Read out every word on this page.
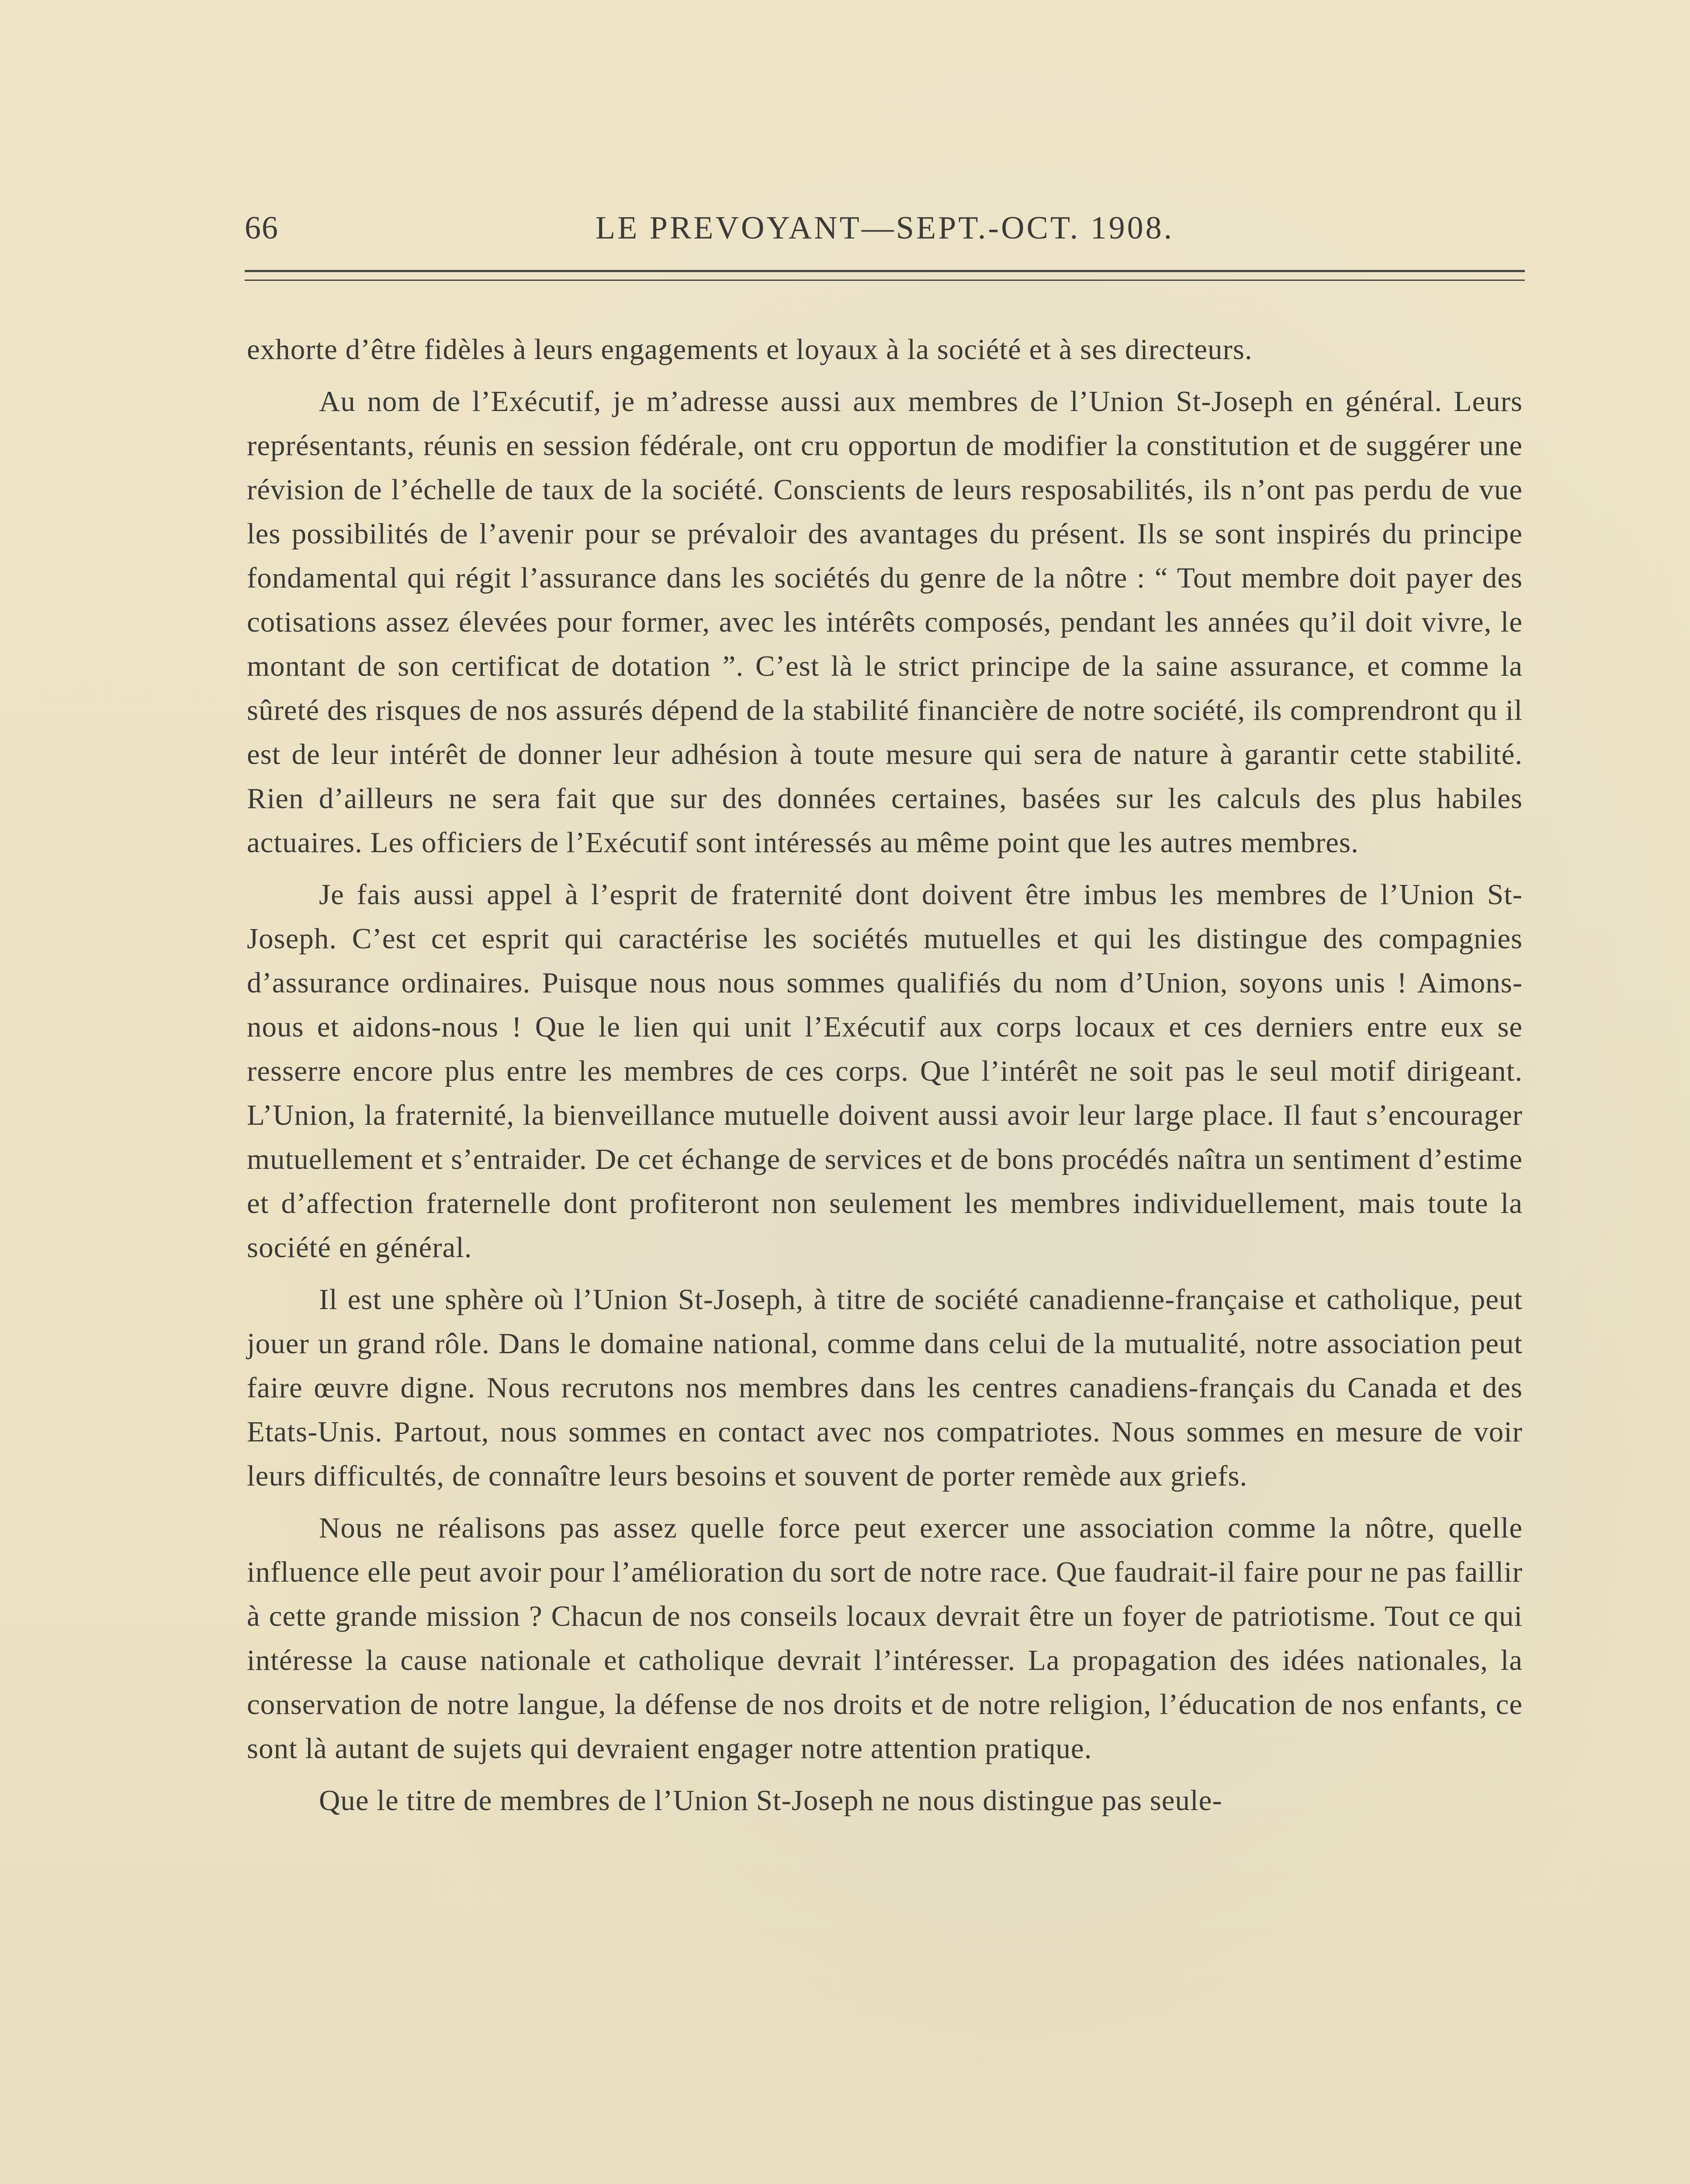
66	LE PREVOYANT—SEPT.-OCT. 1908.

exhorte d’être fidèles à leurs engagements et loyaux à la société et à ses directeurs.

Au nom de l’Exécutif, je m’adresse aussi aux membres de l’Union St-Joseph en général. Leurs représentants, réunis en session fédérale, ont cru opportun de modifier la constitution et de suggérer une révision de l’échelle de taux de la société. Conscients de leurs resposabilités, ils n’ont pas perdu de vue les possibilités de l’avenir pour se prévaloir des avantages du présent. Ils se sont inspirés du principe fondamental qui régit l’assurance dans les sociétés du genre de la nôtre : “ Tout membre doit payer des cotisations assez élevées pour former, avec les intérêts composés, pendant les années qu’il doit vivre, le montant de son certificat de dotation ”. C’est là le strict principe de la saine assurance, et comme la sûreté des risques de nos assurés dépend de la stabilité financière de notre société, ils comprendront qu il est de leur intérêt de donner leur adhésion à toute mesure qui sera de nature à garantir cette stabilité. Rien d’ailleurs ne sera fait que sur des données certaines, basées sur les calculs des plus habiles actuaires. Les officiers de l’Exécutif sont intéressés au même point que les autres membres.

Je fais aussi appel à l’esprit de fraternité dont doivent être imbus les membres de l’Union St-Joseph. C’est cet esprit qui caractérise les sociétés mutuelles et qui les distingue des compagnies d’assurance ordinaires. Puisque nous nous sommes qualifiés du nom d’Union, soyons unis ! Aimons-nous et aidons-nous ! Que le lien qui unit l’Exécutif aux corps locaux et ces derniers entre eux se resserre encore plus entre les membres de ces corps. Que l’intérêt ne soit pas le seul motif dirigeant. L’Union, la fraternité, la bienveillance mutuelle doivent aussi avoir leur large place. Il faut s’encourager mutuellement et s’entraider. De cet échange de services et de bons procédés naîtra un sentiment d’estime et d’affection fraternelle dont profiteront non seulement les membres individuellement, mais toute la société en général.

Il est une sphère où l’Union St-Joseph, à titre de société canadienne-française et catholique, peut jouer un grand rôle. Dans le domaine national, comme dans celui de la mutualité, notre association peut faire œuvre digne. Nous recrutons nos membres dans les centres canadiens-français du Canada et des Etats-Unis. Partout, nous sommes en contact avec nos compatriotes. Nous sommes en mesure de voir leurs difficultés, de connaître leurs besoins et souvent de porter remède aux griefs.

Nous ne réalisons pas assez quelle force peut exercer une association comme la nôtre, quelle influence elle peut avoir pour l’amélioration du sort de notre race. Que faudrait-il faire pour ne pas faillir à cette grande mission ? Chacun de nos conseils locaux devrait être un foyer de patriotisme. Tout ce qui intéresse la cause nationale et catholique devrait l’intéresser. La propagation des idées nationales, la conservation de notre langue, la défense de nos droits et de notre religion, l’éducation de nos enfants, ce sont là autant de sujets qui devraient engager notre attention pratique.

Que le titre de membres de l’Union St-Joseph ne nous distingue pas seule-
